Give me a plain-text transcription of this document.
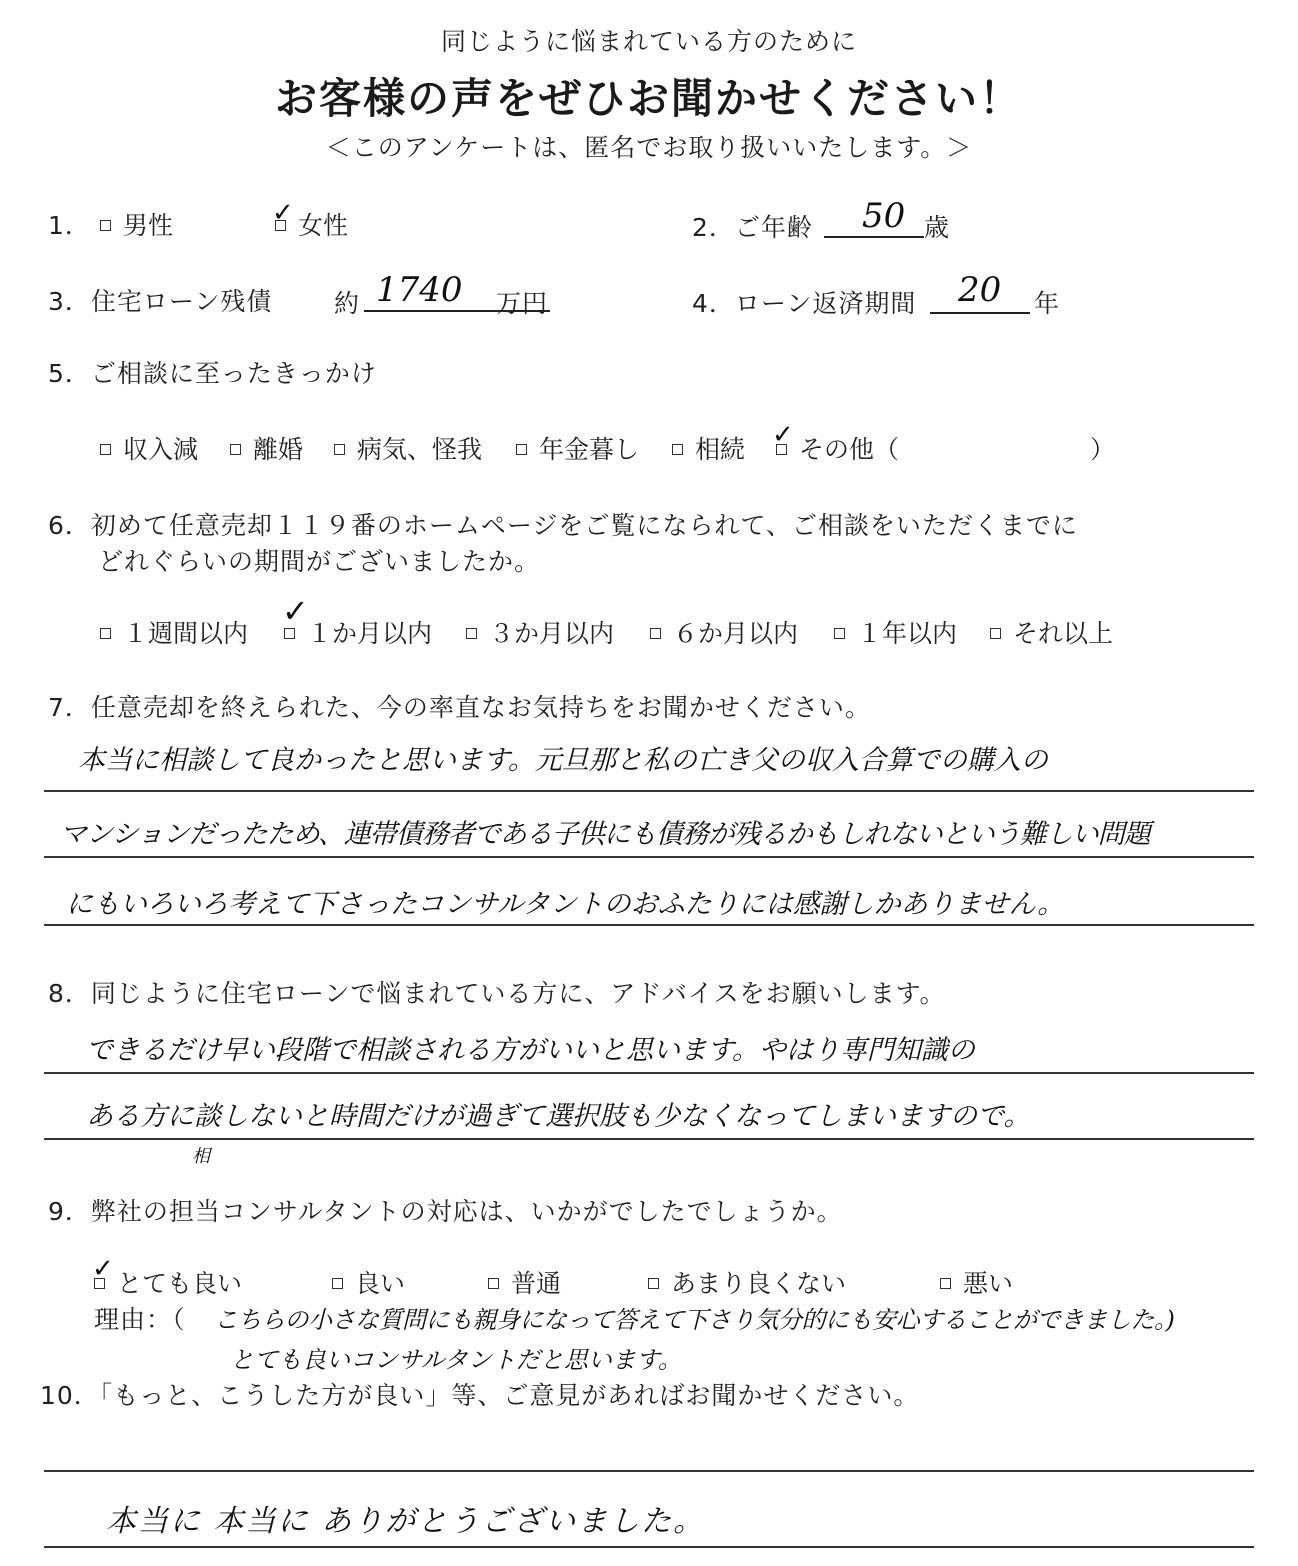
同じように悩まれている方のために
お客様の声をぜひお聞かせください！
＜このアンケートは、匿名でお取り扱いいたします。＞
1．	男性	女性
✓	2．ご年齢 50 歳
3．住宅ローン残債 約 1740 万円	4．ローン返済期間 20 年
5．ご相談に至ったきっかけ
収入減	離婚	病気、怪我	年金暮し	相続	その他（	）
✓
6．初めて任意売却１１９番のホームページをご覧になられて、ご相談をいただくまでに
どれぐらいの期間がございましたか。
１週間以内	１か月以内	３か月以内	６か月以内	１年以内	それ以上
✓
7．任意売却を終えられた、今の率直なお気持ちをお聞かせください。
本当に相談して良かったと思います。元旦那と私の亡き父の収入合算での購入の
マンションだったため、連帯債務者である子供にも債務が残るかもしれないという難しい問題
にもいろいろ考えて下さったコンサルタントのおふたりには感謝しかありません。
8．同じように住宅ローンで悩まれている方に、アドバイスをお願いします。
できるだけ早い段階で相談される方がいいと思います。やはり専門知識の
ある方に談しないと時間だけが過ぎて選択肢も少なくなってしまいますので。
相
9．弊社の担当コンサルタントの対応は、いかがでしたでしょうか。
とても良い	良い	普通	あまり良くない	悪い
✓
理由：（ こちらの小さな質問にも親身になって答えて下さり気分的にも安心することができました。)
とても良いコンサルタントだと思います。
10．「もっと、こうした方が良い」等、ご意見があればお聞かせください。
本当に 本当に ありがとうございました。
